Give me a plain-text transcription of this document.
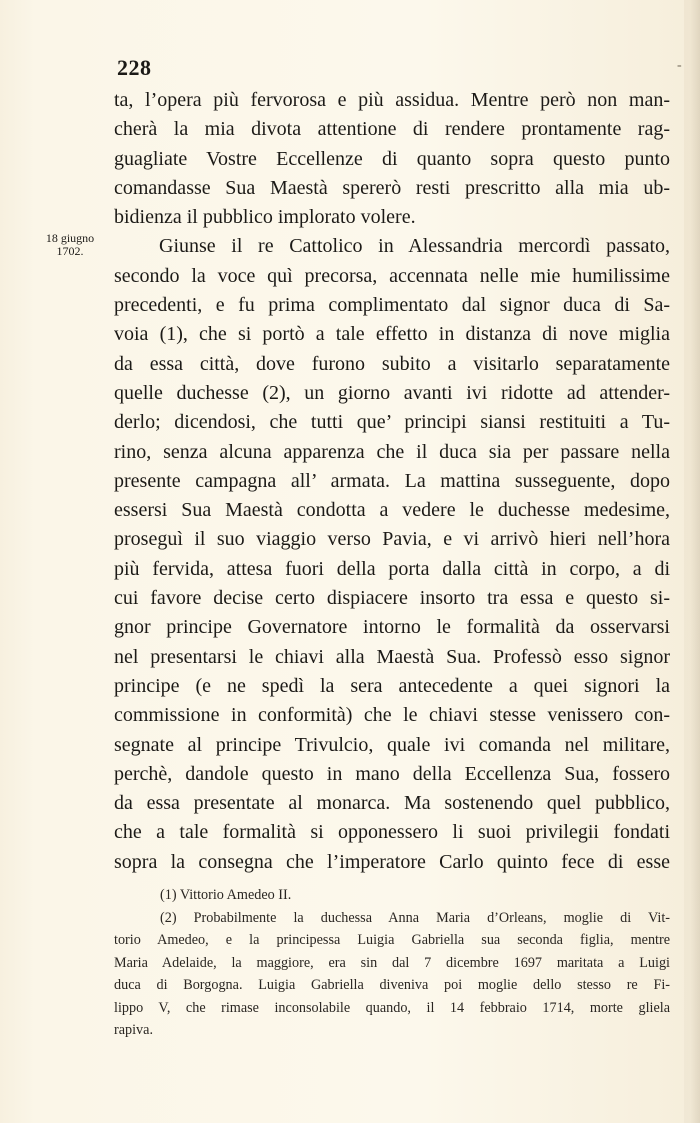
228	-
18 giugno
1702.
ta, l’opera più fervorosa e più assidua. Mentre però non man-
cherà la mia divota attentione di rendere prontamente rag-
guagliate Vostre Eccellenze di quanto sopra questo punto
comandasse Sua Maestà spererò resti prescritto alla mia ub-
bidienza il pubblico implorato volere.
Giunse il re Cattolico in Alessandria mercordì passato,
secondo la voce quì precorsa, accennata nelle mie humilissime
precedenti, e fu prima complimentato dal signor duca di Sa-
voia (1), che si portò a tale effetto in distanza di nove miglia
da essa città, dove furono subito a visitarlo separatamente
quelle duchesse (2), un giorno avanti ivi ridotte ad attender-
derlo; dicendosi, che tutti que’ principi siansi restituiti a Tu-
rino, senza alcuna apparenza che il duca sia per passare nella
presente campagna all’ armata. La mattina susseguente, dopo
essersi Sua Maestà condotta a vedere le duchesse medesime,
proseguì il suo viaggio verso Pavia, e vi arrivò hieri nell’hora
più fervida, attesa fuori della porta dalla città in corpo, a di
cui favore decise certo dispiacere insorto tra essa e questo si-
gnor principe Governatore intorno le formalità da osservarsi
nel presentarsi le chiavi alla Maestà Sua. Professò esso signor
principe (e ne spedì la sera antecedente a quei signori la
commissione in conformità) che le chiavi stesse venissero con-
segnate al principe Trivulcio, quale ivi comanda nel militare,
perchè, dandole questo in mano della Eccellenza Sua, fossero
da essa presentate al monarca. Ma sostenendo quel pubblico,
che a tale formalità si opponessero li suoi privilegii fondati
sopra la consegna che l’imperatore Carlo quinto fece di esse
(1) Vittorio Amedeo II.
(2) Probabilmente la duchessa Anna Maria d’Orleans, moglie di Vit-
torio Amedeo, e la principessa Luigia Gabriella sua seconda figlia, mentre
Maria Adelaide, la maggiore, era sin dal 7 dicembre 1697 maritata a Luigi
duca di Borgogna. Luigia Gabriella diveniva poi moglie dello stesso re Fi-
lippo V, che rimase inconsolabile quando, il 14 febbraio 1714, morte gliela
rapiva.
